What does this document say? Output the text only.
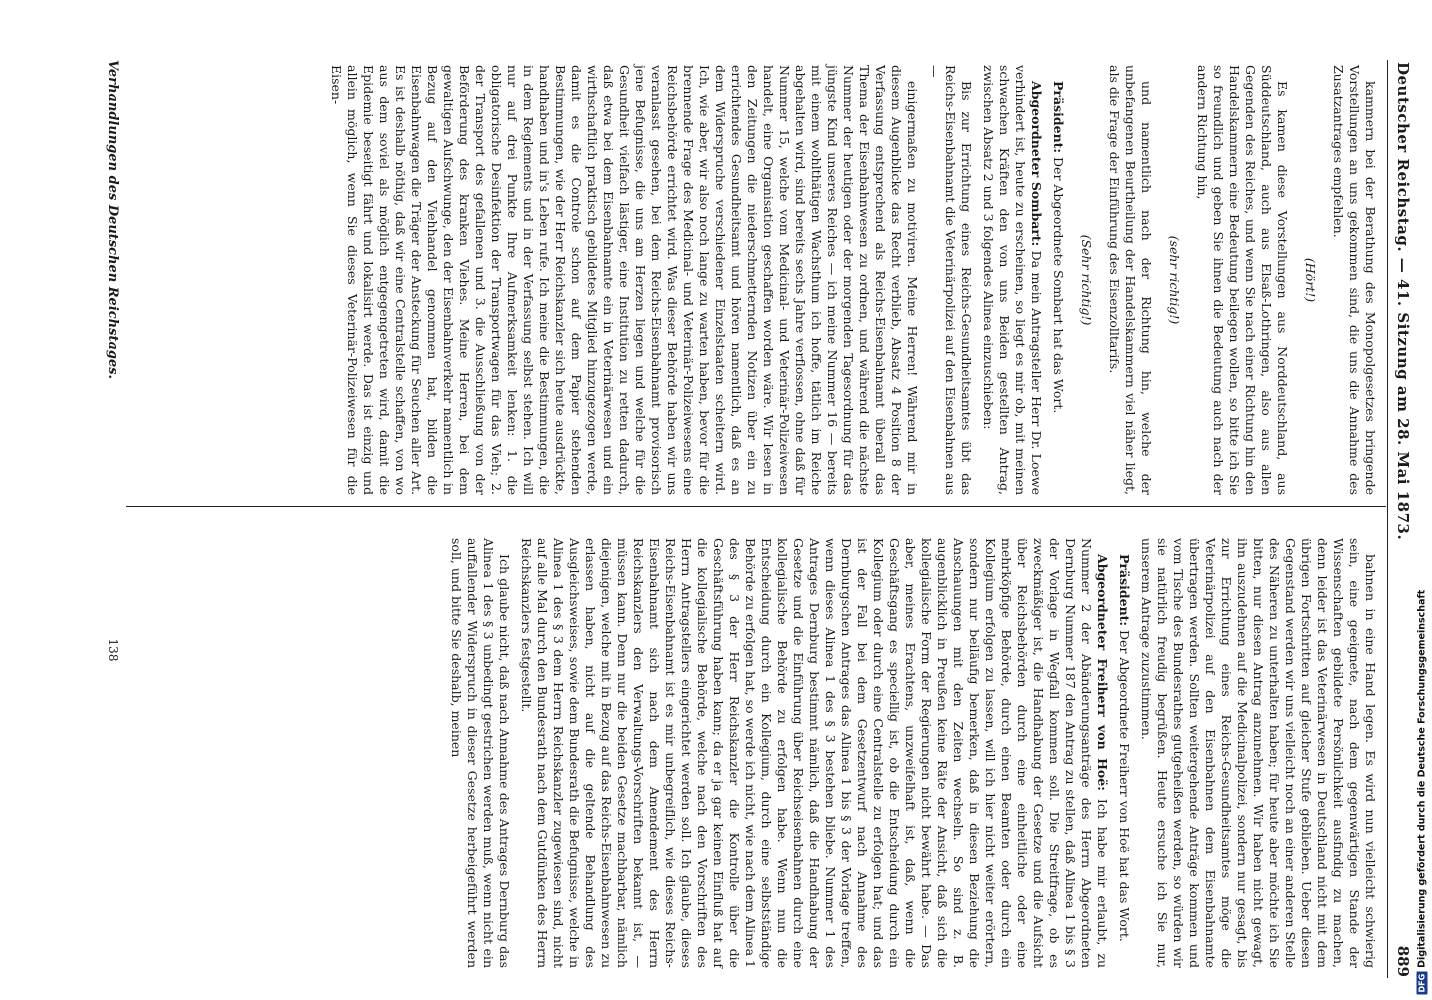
Deutscher Reichstag. — 41. Sitzung am 28. Mai 1873.
889

kammern bei der Berathung des Monopolgesetzes bringende Vorstellungen an uns gekommen sind, die uns die Annahme des Zusatzantrages empfehlen.

(Hört!)

Es kamen diese Vorstellungen aus Norddeutschland, aus Süddeutschland, auch aus Elsaß-Lothringen, also aus allen Gegenden des Reiches, und wenn Sie nach einer Richtung hin den Handelskammern eine Bedeutung beilegen wollen, so bitte ich Sie so freundlich und geben Sie ihnen die Bedeutung auch nach der andern Richtung hin,

(sehr richtig!)

und namentlich nach der Richtung hin, welche der unbefangenen Beurtheilung der Handelskammern viel näher liegt, als die Frage der Einführung des Eisenzolltarifs.

(Sehr richtig!)

Präsident: Der Abgeordnete Sombart hat das Wort.

Abgeordneter Sombart: Da mein Antragsteller Herr Dr. Loewe verhindert ist, heute zu erscheinen, so liegt es mir ob, mit meinen schwachen Kräften den von uns Beiden gestellten Antrag, zwischen Absatz 2 und 3 folgendes Alinea einzuschieben:

Bis zur Errichtung eines Reichs-Gesundheitsamtes übt das Reichs-Eisenbahnamt die Veterinärpolizei auf den Eisenbahnen aus —

einigermaßen zu motiviren. Meine Herren! Während mir in diesem Augenblicke das Recht verblieb, Absatz 4 Position 8 der Verfassung entsprechend als Reichs-Eisenbahnamt überall das Thema der Eisenbahnwesen zu ordnen, und während die nächste Nummer der heutigen oder der morgenden Tagesordnung für das jüngste Kind unseres Reiches — ich meine Nummer 16 — bereits mit einem wohlthätigen Wachsthum ich hoffe, tätlich im Reiche abgehalten wird, sind bereits sechs Jahre verflossen, ohne daß für Nummer 15, welche vom Medicinal- und Veterinär-Polizeiwesen handelt, eine Organisation geschaffen worden wäre. Wir lesen in den Zeitungen die niederschmetternden Notizen über ein zu errichtendes Gesundheitsamt und hören namentlich, daß es an dem Widerspruche verschiedener Einzelstaaten scheitern wird. Ich, wie aber, wir also noch lange zu warten haben, bevor für die brennende Frage des Medicinal- und Veterinär-Polizeiwesens eine Reichsbehörde errichtet wird. Was dieser Behörde haben wir uns veranlasst gesehen, bei dem Reichs-Eisenbahnamt provisorisch jene Befugnisse, die uns am Herzen liegen und welche für die Gesundheit vielfach lästiger, eine Institution zu retten dadurch, daß etwa bei dem Eisenbahnamte ein in Veterinärwesen und ein wirthschaftlich praktisch gebildetes Mitglied hinzugezogen werde, damit es die Controle schon auf dem Papier stehenden Bestimmungen, wie der Herr Reichskanzler sich heute ausdrückte, handhaben und in's Leben rufe. Ich meine die Bestimmungen, die in dem Reglements und in der Verfassung selbst stehen. Ich will nur auf drei Punkte Ihre Aufmerksamkeit lenken: 1. die obligatorische Desinfektion der Transportwagen für das Vieh; 2. der Transport des gefallenen und 3. die Ausschließung von der Beförderung des kranken Viehes. Meine Herren, bei dem gewaltigen Aufschwunge, den der Eisenbahnverkehr namentlich in Bezug auf den Viehhandel genommen hat, bilden die Eisenbahnwagen die Träger der Ansteckung für Seuchen aller Art. Es ist deshalb nöthig, daß wir eine Centralstelle schaffen, von wo aus dem soviel als möglich entgegengetreten wird, damit die Epidemie beseitigt fährt und lokalisirt werde. Das ist einzig und allein möglich, wenn Sie dieses Veterinär-Polizeiwesen für die Eisen-

bahnen in eine Hand legen. Es wird nun vielleicht schwierig sein, eine geeignete, nach dem gegenwärtigen Stande der Wissenschaften gebildete Persönlichkeit ausfindig zu machen, denn leider ist das Veterinärwesen in Deutschland nicht mit dem übrigen Fortschritten auf gleicher Stufe geblieben. Ueber diesen Gegenstand werden wir uns vielleicht noch an einer anderen Stelle des Näheren zu unterhalten haben; für heute aber möchte ich Sie bitten, nur diesen Antrag anzunehmen. Wir haben nicht gewagt, ihn auszudehnen auf die Medicinalpolizei, sondern nur gesagt, bis zur Errichtung eines Reichs-Gesundheitsamtes möge die Veterinärpolizei auf den Eisenbahnen dem Eisenbahnamte übertragen werden. Sollten weitergehende Anträge kommen und vom Tische des Bundesrathes gutgeheißen werden, so würden wir sie natürlich freudig begrüßen. Heute ersuche ich Sie nur, unserem Antrage zuzustimmen.

Präsident: Der Abgeordnete Freiherr von Hoë hat das Wort.

Abgeordneter Freiherr von Hoë: Ich habe mir erlaubt, zu Nummer 2 der Abänderungsanträge des Herrn Abgeordneten Dernburg Nummer 187 den Antrag zu stellen, daß Alinea 1 bis § 3 der Vorlage in Wegfall kommen soll. Die Streitfrage, ob es zweckmäßiger ist, die Handhabung der Gesetze und die Aufsicht über Reichsbehörden durch eine einheitliche oder eine mehrköpfige Behörde, durch einen Beamten oder durch ein Kollegium erfolgen zu lassen, will ich hier nicht weiter erörtern, sondern nur beiläufig bemerken, daß in diesen Beziehung die Anschauungen mit den Zeiten wechseln. So sind z. B. augenblicklich in Preußen keine Räte der Ansicht, daß sich die kollegialische Form der Regierungen nicht bewährt habe. — Das aber, meines Erachtens, unzweifelhaft ist, daß, wenn die Geschäftsgang es speciellig ist, ob die Entscheidung durch ein Kollegium oder durch eine Centralstelle zu erfolgen hat; und das ist der Fall bei dem Gesetzentwurf nach Annahme des Dernburgschen Antrages das Alinea 1 bis § 3 der Vorlage treffen, wenn dieses Alinea 1 des § 3 bestehen bliebe. Nummer 1 des Antrages Dernburg bestimmt nämlich, daß die Handhabung der Gesetze und die Einführung über Reichseisenbahnen durch eine kollegialische Behörde zu erfolgen habe. Wenn nun die Entscheidung durch ein Kollegium, durch eine selbstständige Behörde zu erfolgen hat, so werde ich nicht, wie nach dem Alinea 1 des § 3 der Herr Reichskanzler die Kontrolle über die Geschäftsführung haben kann; da er ja gar keinen Einfluß hat auf die kollegialische Behörde, welche nach den Vorschriften des Herrn Antragstellers eingerichtet werden soll. Ich glaube, dieses Reichs-Eisenbahnamt ist es mir unbegreiflich, wie dieses Reichs-Eisenbahnamt sich nach dem Amendement des Herrn Reichskanzlers den Verwaltungs-Vorschriften bekannt ist, — müssen kann. Denn nur die beiden Gesetze machbarbar, nämlich diejenigen, welche mit in Bezug auf das Reichs-Eisenbahnwesen zu erlassen haben, nicht auf die geltende Behandlung des Ausgleichsweises, sowie dem Bundesrath die Befugnisse, welche in Alinea 1 des § 3 dem Herrn Reichskanzler zugewiesen sind, nicht auf alle Mal durch den Bundesrath nach dem Gutdünken des Herrn Reichskanzlers festgestellt.

Ich glaube nicht, daß nach Annahme des Antrages Dernburg das Alinea 1 des § 3 unbedingt gestrichen werden muß, wenn nicht ein auffallender Widerspruch in dieser Gesetze herbeigeführt werden soll, und bitte Sie deshalb, meinen

Verhandlungen des Deutschen Reichstages.
138
DFGDigitalisierung gefördert durch die Deutsche Forschungsgemeinschaft
